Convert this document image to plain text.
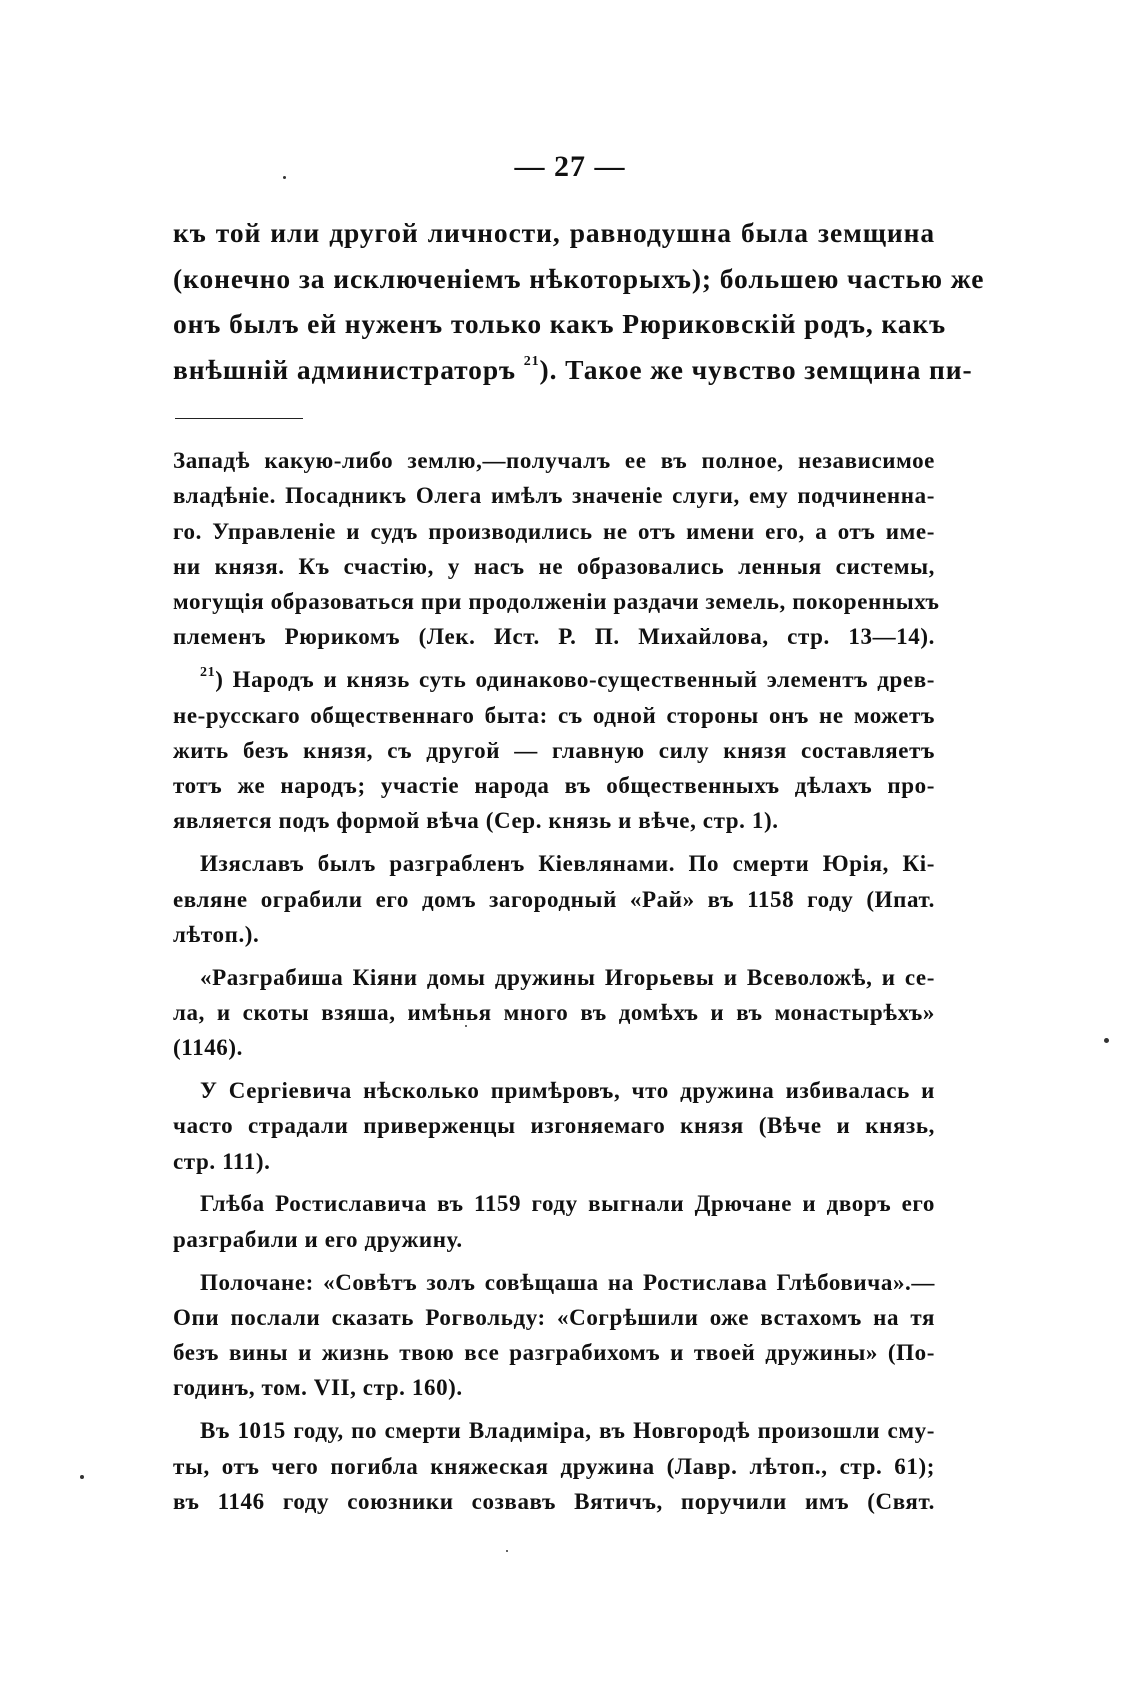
— 27 —
къ той или другой личности, равнодушна была земщина
(конечно за исключеніемъ нѣкоторыхъ); большею частью же
онъ былъ ей нуженъ только какъ Рюриковскій родъ, какъ
внѣшній администраторъ $^{21}$). Такое же чувство земщина пи-
Западѣ какую-либо землю,—получалъ ее въ полное, независимое
владѣніе. Посадникъ Олега имѣлъ значеніе слуги, ему подчиненна-
го. Управленіе и судъ производились не отъ имени его, а отъ име-
ни князя. Къ счастію, у насъ не образовались ленныя системы,
могущія образоваться при продолженіи раздачи земель, покоренныхъ
племенъ Рюрикомъ (Лек. Ист. Р. П. Михайлова, стр. 13—14).
$^{21}$) Народъ и князь суть одинаково-существенный элементъ древ-
не-русскаго общественнаго быта: съ одной стороны онъ не можетъ
жить безъ князя, съ другой — главную силу князя составляетъ
тотъ же народъ; участіе народа въ общественныхъ дѣлахъ про-
является подъ формой вѣча (Сер. князь и вѣче, стр. 1).
Изяславъ былъ разграбленъ Кіевлянами. По смерти Юрія, Кі-
евляне ограбили его домъ загородный «Рай» въ 1158 году (Ипат.
лѣтоп.).
«Разграбиша Кіяни домы дружины Игорьевы и Всеволожѣ, и се-
ла, и скоты взяша, имѣнья много въ домѣхъ и въ монастырѣхъ»
(1146).
У Сергіевича нѣсколько примѣровъ, что дружина избивалась и
часто страдали приверженцы изгоняемаго князя (Вѣче и князь,
стр. 111).
Глѣба Ростиславича въ 1159 году выгнали Дрючане и дворъ его
разграбили и его дружину.
Полочане: «Совѣтъ золъ совѣщаша на Ростислава Глѣбовича».—
Опи послали сказать Рогвольду: «Согрѣшили оже встахомъ на тя
безъ вины и жизнь твою все разграбихомъ и твоей дружины» (По-
годинъ, том. VII, стр. 160).
Въ 1015 году, по смерти Владиміра, въ Новгородѣ произошли сму-
ты, отъ чего погибла княжеская дружина (Лавр. лѣтоп., стр. 61);
въ 1146 году союзники созвавъ Вятичъ, поручили имъ (Свят.
